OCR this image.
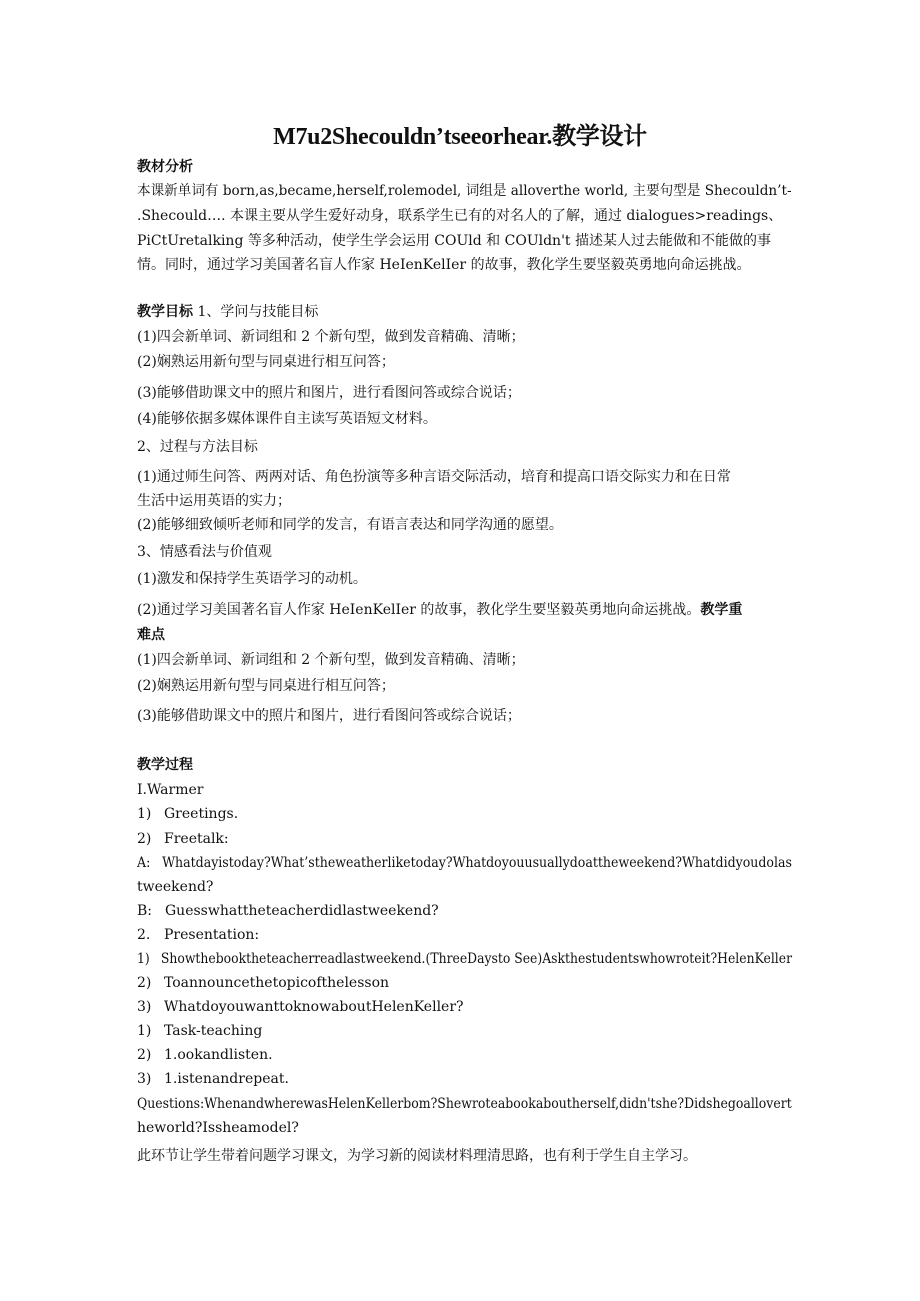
M7u2Shecouldn’tseeorhear.教学设计
教材分析
本课新单词有 born,as,became,herself,rolemodel, 词组是 alloverthe world, 主要句型是 Shecouldn’t-
.Shecould…. 本课主要从学生爱好动身，联系学生已有的对名人的了解，通过 dialogues>readings、
PiCtUretalking 等多种活动，使学生学会运用 COUld 和 COUldn't 描述某人过去能做和不能做的事
情。同时，通过学习美国著名盲人作家 HeIenKelIer 的故事，教化学生要坚毅英勇地向命运挑战。
教学目标 1、学问与技能目标
(1)四会新单词、新词组和 2 个新句型，做到发音精确、清晰；
(2)娴熟运用新句型与同桌进行相互问答；
(3)能够借助课文中的照片和图片，进行看图问答或综合说话；
(4)能够依据多媒体课件自主读写英语短文材料。
2、过程与方法目标
(1)通过师生问答、两两对话、角色扮演等多种言语交际活动，培育和提高口语交际实力和在日常
生活中运用英语的实力；
(2)能够细致倾听老师和同学的发言，有语言表达和同学沟通的愿望。
3、情感看法与价值观
(1)激发和保持学生英语学习的动机。
(2)通过学习美国著名盲人作家 HeIenKelIer 的故事，教化学生要坚毅英勇地向命运挑战。教学重
难点
(1)四会新单词、新词组和 2 个新句型，做到发音精确、清晰；
(2)娴熟运用新句型与同桌进行相互问答；
(3)能够借助课文中的照片和图片，进行看图问答或综合说话；
教学过程
I.Warmer
1) Greetings.
2) Freetalk:
A: Whatdayistoday?What’stheweatherliketoday?Whatdoyouusuallydoattheweekend?Whatdidyoudolas
tweekend?
B: Guesswhattheteacherdidlastweekend?
2. Presentation:
1) Showthebooktheteacherreadlastweekend.(ThreeDaysto See)Askthestudentswhowroteit?HelenKeller
2) Toannouncethetopicofthelesson
3) WhatdoyouwanttoknowaboutHelenKeller?
1) Task-teaching
2) 1.ookandlisten.
3) 1.istenandrepeat.
Questions:WhenandwherewasHelenKellerbom?Shewroteabookaboutherself,didn'tshe?Didshegoallovert
heworld?Issheamodel?
此环节让学生带着问题学习课文，为学习新的阅读材料理清思路，也有利于学生自主学习。
